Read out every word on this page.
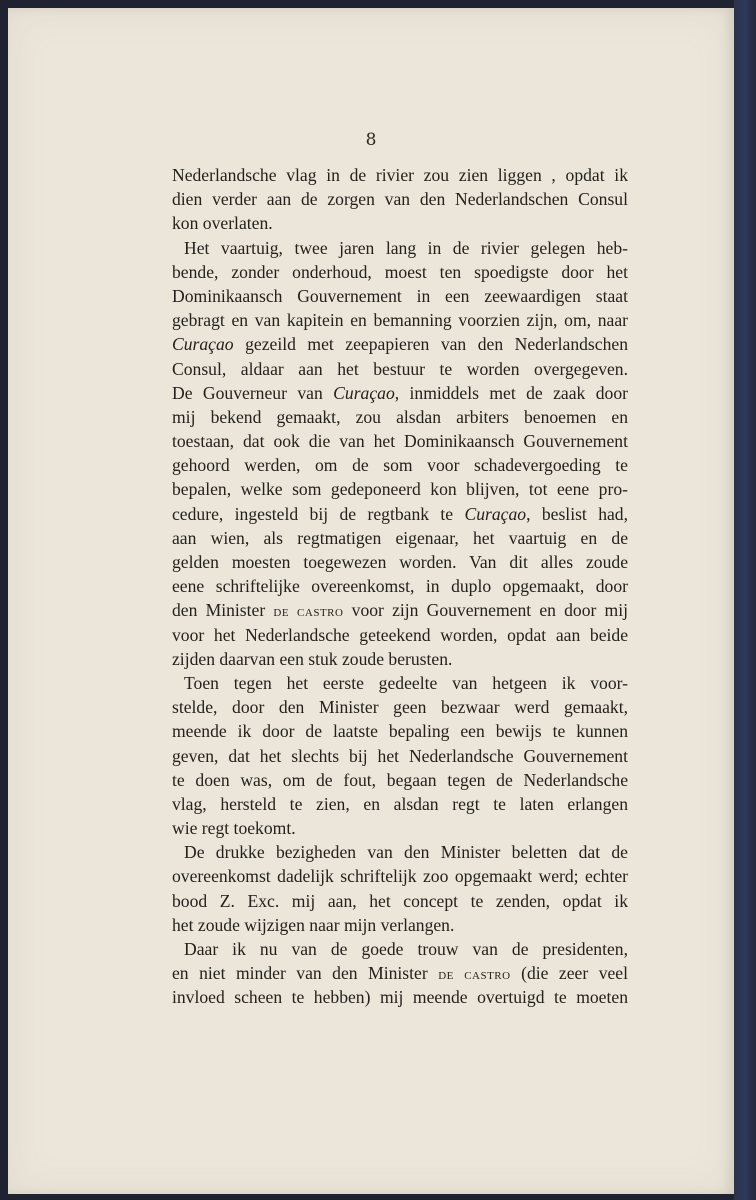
8
Nederlandsche vlag in de rivier zou zien liggen , opdat ik
dien verder aan de zorgen van den Nederlandschen Consul
kon overlaten.
Het vaartuig, twee jaren lang in de rivier gelegen heb-
bende, zonder onderhoud, moest ten spoedigste door het
Dominikaansch Gouvernement in een zeewaardigen staat
gebragt en van kapitein en bemanning voorzien zijn, om, naar
Curaçao gezeild met zeepapieren van den Nederlandschen
Consul, aldaar aan het bestuur te worden overgegeven.
De Gouverneur van Curaçao, inmiddels met de zaak door
mij bekend gemaakt, zou alsdan arbiters benoemen en
toestaan, dat ook die van het Dominikaansch Gouvernement
gehoord werden, om de som voor schadevergoeding te
bepalen, welke som gedeponeerd kon blijven, tot eene pro-
cedure, ingesteld bij de regtbank te Curaçao, beslist had,
aan wien, als regtmatigen eigenaar, het vaartuig en de
gelden moesten toegewezen worden. Van dit alles zoude
eene schriftelijke overeenkomst, in duplo opgemaakt, door
den Minister de castro voor zijn Gouvernement en door mij
voor het Nederlandsche geteekend worden, opdat aan beide
zijden daarvan een stuk zoude berusten.
Toen tegen het eerste gedeelte van hetgeen ik voor-
stelde, door den Minister geen bezwaar werd gemaakt,
meende ik door de laatste bepaling een bewijs te kunnen
geven, dat het slechts bij het Nederlandsche Gouvernement
te doen was, om de fout, begaan tegen de Nederlandsche
vlag, hersteld te zien, en alsdan regt te laten erlangen
wie regt toekomt.
De drukke bezigheden van den Minister beletten dat de
overeenkomst dadelijk schriftelijk zoo opgemaakt werd; echter
bood Z. Exc. mij aan, het concept te zenden, opdat ik
het zoude wijzigen naar mijn verlangen.
Daar ik nu van de goede trouw van de presidenten,
en niet minder van den Minister de castro (die zeer veel
invloed scheen te hebben) mij meende overtuigd te moeten
